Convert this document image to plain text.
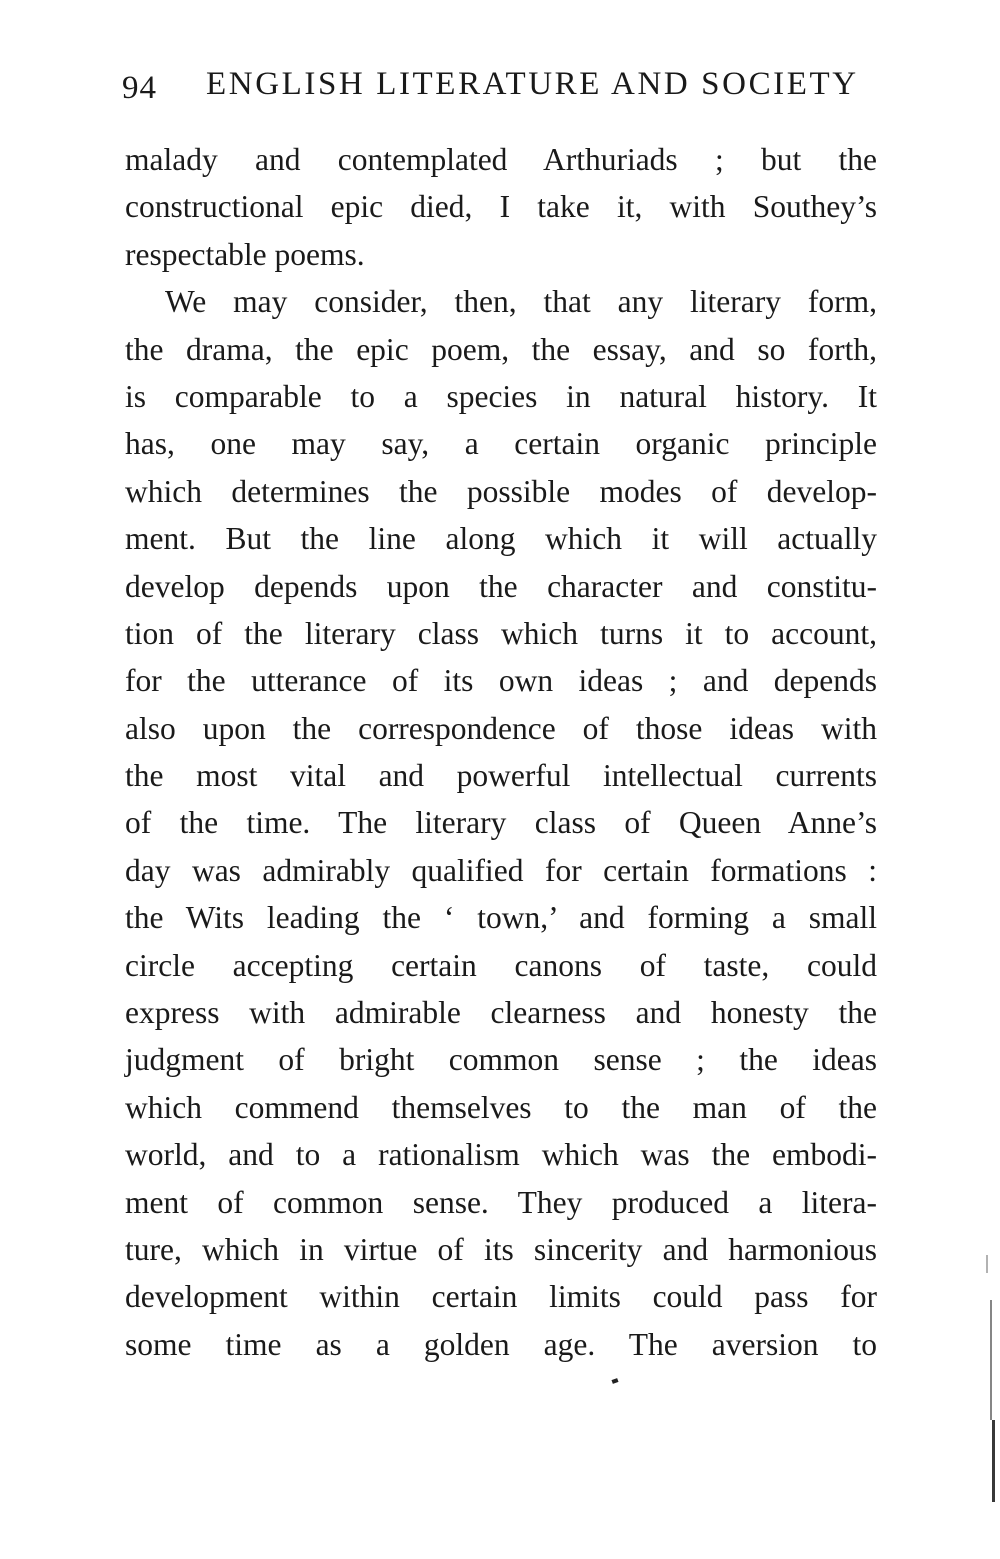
94 ENGLISH LITERATURE AND SOCIETY
malady and contemplated Arthuriads ; but the
constructional epic died, I take it, with Southey’s
respectable poems.
We may consider, then, that any literary form,
the drama, the epic poem, the essay, and so forth,
is comparable to a species in natural history. It
has, one may say, a certain organic principle
which determines the possible modes of develop-
ment. But the line along which it will actually
develop depends upon the character and constitu-
tion of the literary class which turns it to account,
for the utterance of its own ideas ; and depends
also upon the correspondence of those ideas with
the most vital and powerful intellectual currents
of the time. The literary class of Queen Anne’s
day was admirably qualified for certain formations :
the Wits leading the ‘ town,’ and forming a small
circle accepting certain canons of taste, could
express with admirable clearness and honesty the
judgment of bright common sense ; the ideas
which commend themselves to the man of the
world, and to a rationalism which was the embodi-
ment of common sense. They produced a litera-
ture, which in virtue of its sincerity and harmonious
development within certain limits could pass for
some time as a golden age. The aversion to
